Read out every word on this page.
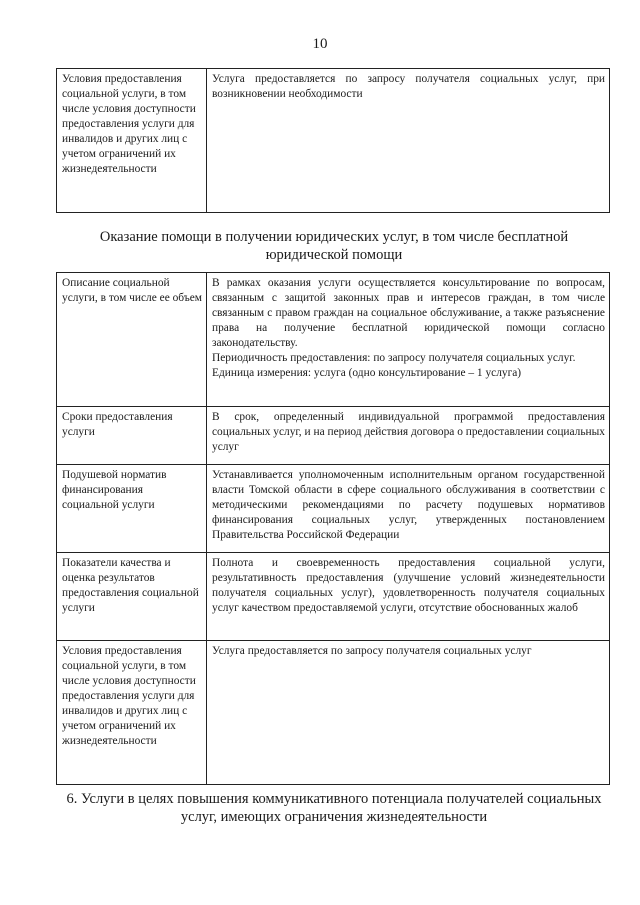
10
Условия предоставления социальной услуги, в том числе условия доступности предоставления услуги для инвалидов и других лиц с учетом ограничений их жизнедеятельности	Услуга предоставляется по запросу получателя социальных услуг, при возникновении необходимости
Оказание помощи в получении юридических услуг, в том числе бесплатной юридической помощи
Описание социальной услуги, в том числе ее объем	В рамках оказания услуги осуществляется консультирование по вопросам, связанным с защитой законных прав и интересов граждан, в том числе связанным с правом граждан на социальное обслуживание, а также разъяснение права на получение бесплатной юридической помощи согласно законодательству.
Периодичность предоставления: по запросу получателя социальных услуг.
Единица измерения: услуга (одно консультирование – 1 услуга)

Сроки предоставления услуги	В срок, определенный индивидуальной программой предоставления социальных услуг, и на период действия договора о предоставлении социальных услуг
Подушевой норматив финансирования социальной услуги	Устанавливается уполномоченным исполнительным органом государственной власти Томской области в сфере социального обслуживания в соответствии с методическими рекомендациями по расчету подушевых нормативов финансирования социальных услуг, утвержденных постановлением Правительства Российской Федерации
Показатели качества и оценка результатов предоставления социальной услуги	Полнота и своевременность предоставления социальной услуги, результативность предоставления (улучшение условий жизнедеятельности получателя социальных услуг), удовлетворенность получателя социальных услуг качеством предоставляемой услуги, отсутствие обоснованных жалоб
Условия предоставления социальной услуги, в том числе условия доступности предоставления услуги для инвалидов и других лиц с учетом ограничений их жизнедеятельности	Услуга предоставляется по запросу получателя социальных услуг
6. Услуги в целях повышения коммуникативного потенциала получателей социальных услуг, имеющих ограничения жизнедеятельности
